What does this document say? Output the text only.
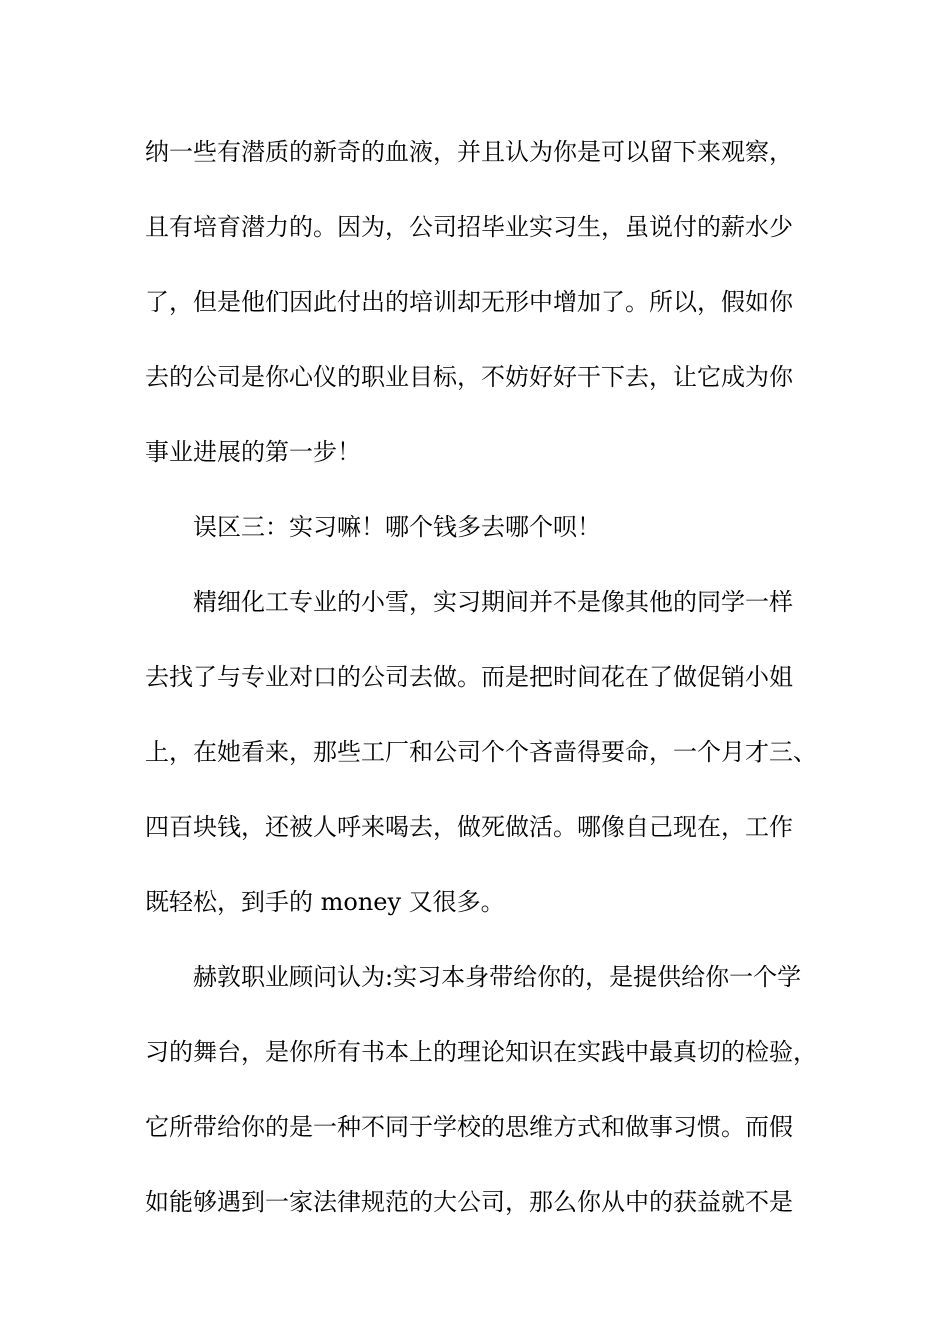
纳一些有潜质的新奇的血液，并且认为你是可以留下来观察，
且有培育潜力的。因为，公司招毕业实习生，虽说付的薪水少
了，但是他们因此付出的培训却无形中增加了。所以，假如你
去的公司是你心仪的职业目标，不妨好好干下去，让它成为你
事业进展的第一步！
误区三：实习嘛！哪个钱多去哪个呗！
精细化工专业的小雪，实习期间并不是像其他的同学一样
去找了与专业对口的公司去做。而是把时间花在了做促销小姐
上，在她看来，那些工厂和公司个个吝啬得要命，一个月才三、
四百块钱，还被人呼来喝去，做死做活。哪像自己现在，工作
既轻松，到手的 money 又很多。
赫敦职业顾问认为:实习本身带给你的，是提供给你一个学
习的舞台，是你所有书本上的理论知识在实践中最真切的检验，
它所带给你的是一种不同于学校的思维方式和做事习惯。而假
如能够遇到一家法律规范的大公司，那么你从中的获益就不是
